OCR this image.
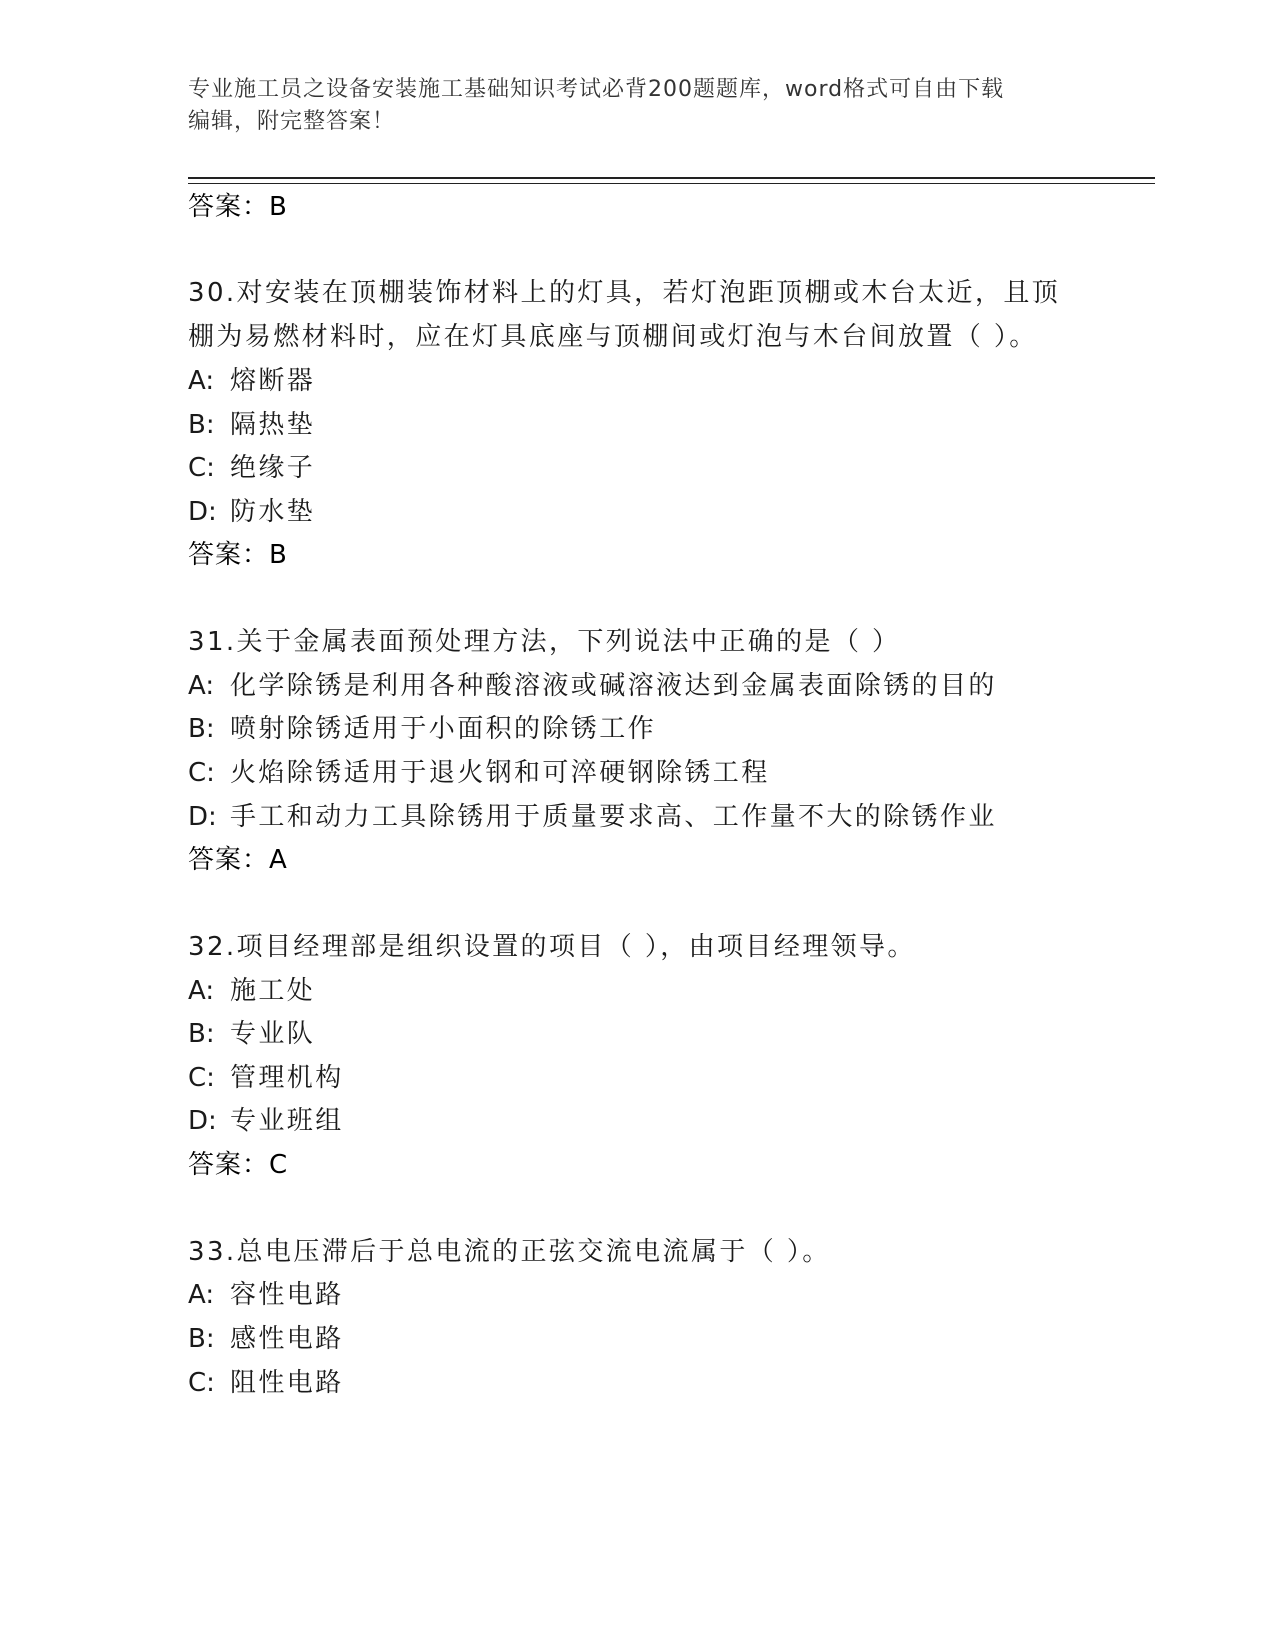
专业施工员之设备安装施工基础知识考试必背200题题库，word格式可自由下载
编辑，附完整答案！
答案：B
30.对安装在顶棚装饰材料上的灯具，若灯泡距顶棚或木台太近，且顶
棚为易燃材料时，应在灯具底座与顶棚间或灯泡与木台间放置（ ）。
A: 熔断器
B: 隔热垫
C: 绝缘子
D: 防水垫
答案：B
31.关于金属表面预处理方法，下列说法中正确的是（ ）
A: 化学除锈是利用各种酸溶液或碱溶液达到金属表面除锈的目的
B: 喷射除锈适用于小面积的除锈工作
C: 火焰除锈适用于退火钢和可淬硬钢除锈工程
D: 手工和动力工具除锈用于质量要求高、工作量不大的除锈作业
答案：A
32.项目经理部是组织设置的项目（ ），由项目经理领导。
A: 施工处
B: 专业队
C: 管理机构
D: 专业班组
答案：C
33.总电压滞后于总电流的正弦交流电流属于（ ）。
A: 容性电路
B: 感性电路
C: 阻性电路
